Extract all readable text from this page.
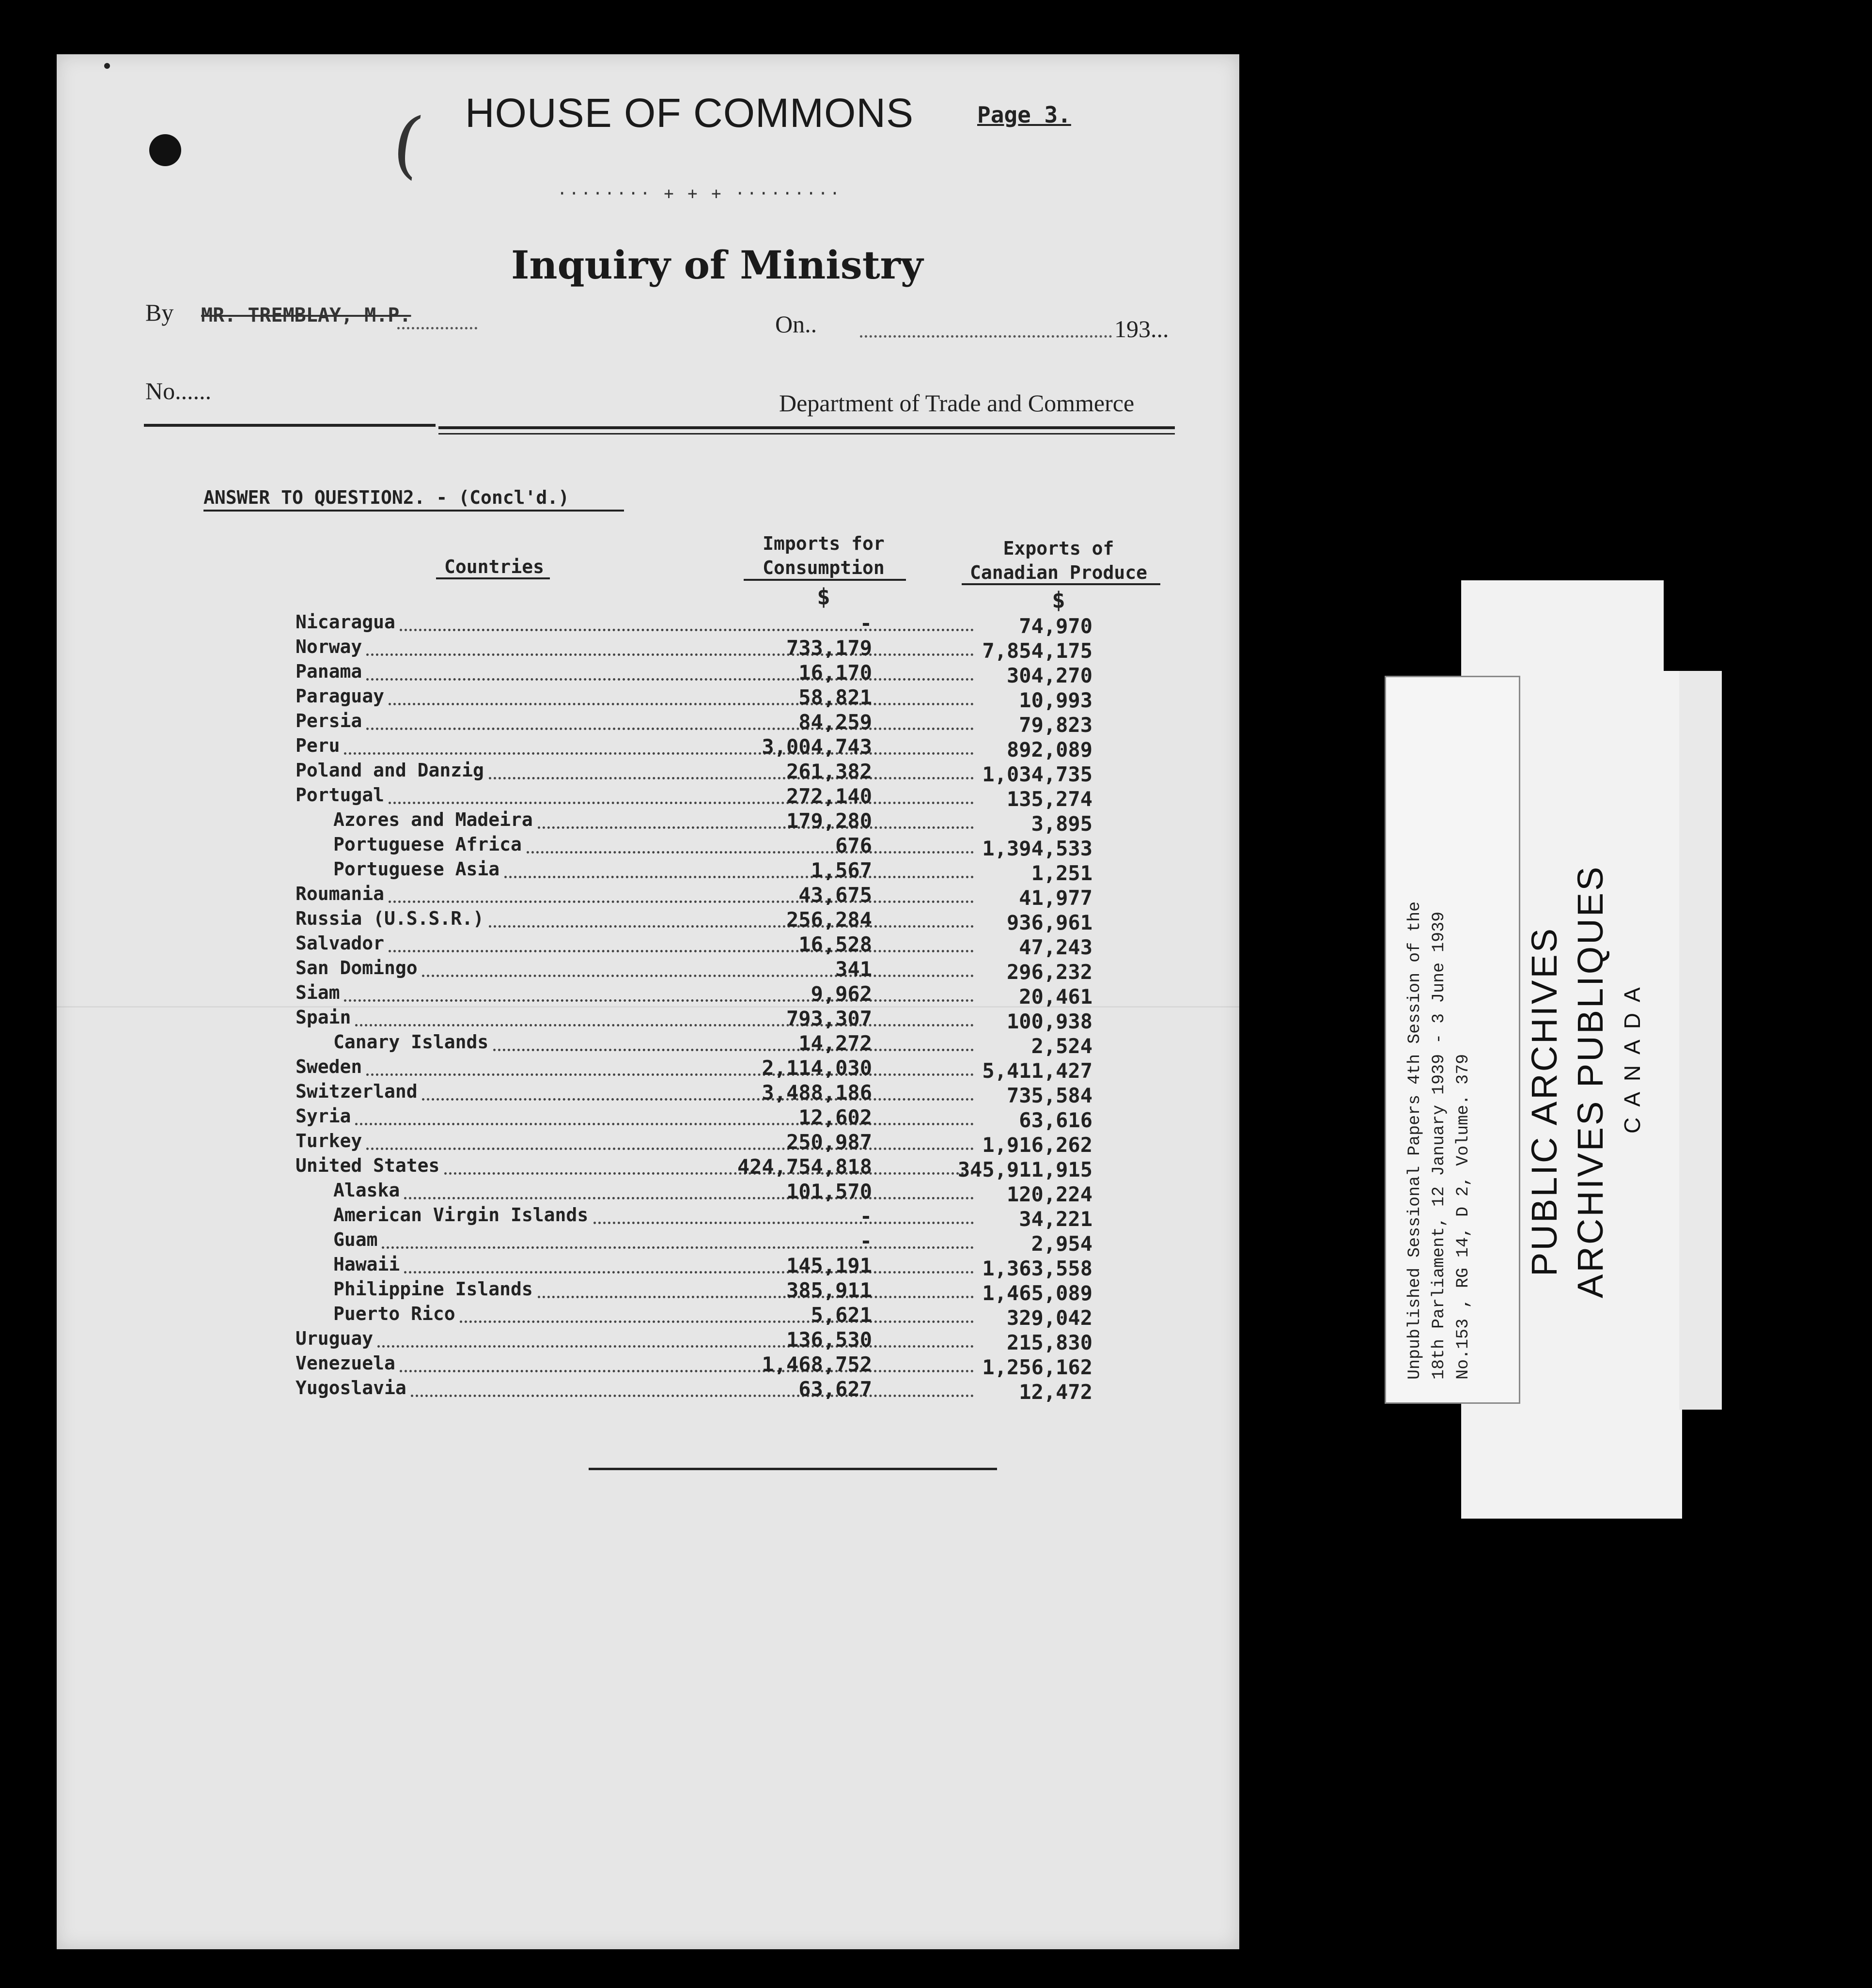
( HOUSE OF COMMONS	Page 3.
········ + + + ·········
Inquiry of Ministry
By MR. TREMBLAY, M.P.	On..	193...
No......	Department of Trade and Commerce
ANSWER TO QUESTION2. - (Concl'd.)
Countries
Imports for
Consumption
$
Exports of
Canadian Produce
$
Nicaragua	-	74,970
Norway	733,179	7,854,175
Panama	16,170	304,270
Paraguay	58,821	10,993
Persia	84,259	79,823
Peru	3,004,743	892,089
Poland and Danzig	261,382	1,034,735
Portugal	272,140	135,274
Azores and Madeira	179,280	3,895
Portuguese Africa	676	1,394,533
Portuguese Asia	1,567	1,251
Roumania	43,675	41,977
Russia (U.S.S.R.)	256,284	936,961
Salvador	16,528	47,243
San Domingo	341	296,232
Siam	9,962	20,461
Spain	793,307	100,938
Canary Islands	14,272	2,524
Sweden	2,114,030	5,411,427
Switzerland	3,488,186	735,584
Syria	12,602	63,616
Turkey	250,987	1,916,262
United States	424,754,818	345,911,915
Alaska	101,570	120,224
American Virgin Islands	-	34,221
Guam	-	2,954
Hawaii	145,191	1,363,558
Philippine Islands	385,911	1,465,089
Puerto Rico	5,621	329,042
Uruguay	136,530	215,830
Venezuela	1,468,752	1,256,162
Yugoslavia	63,627	12,472
Unpublished Sessional Papers 4th Session of the 18th Parliament, 12 January 1939 - 3 June 1939 No.153 , RG 14, D 2, Volume. 379 PUBLIC ARCHIVES ARCHIVES PUBLIQUES CANADA
